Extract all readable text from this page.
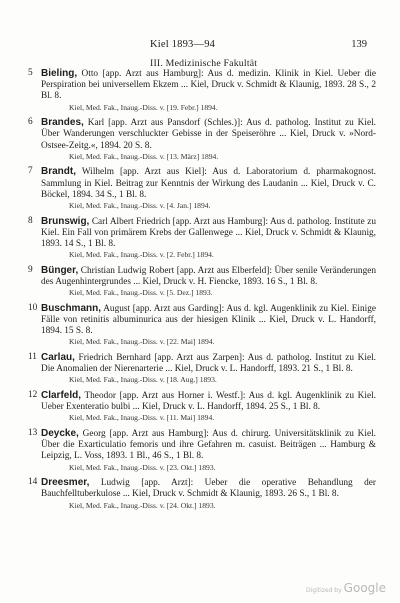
Kiel 1893—94	139
III. Medizinische Fakultät
5 Bieling, Otto [app. Arzt aus Hamburg]: Aus d. medizin. Klinik in Kiel. Ueber die Perspiration bei universellem Ekzem ... Kiel, Druck v. Schmidt & Klaunig, 1893. 28 S., 2 Bl. 8.
Kiel, Med. Fak., Inaug.-Diss. v. [19. Febr.] 1894.
6 Brandes, Karl [app. Arzt aus Pansdorf (Schles.)]: Aus d. patholog. Institut zu Kiel. Über Wanderungen verschluckter Gebisse in der Speiseröhre ... Kiel, Druck v. »Nord-Ostsee-Zeitg.«, 1894. 20 S. 8.
Kiel, Med. Fak., Inaug.-Diss. v. [13. März] 1894.
7 Brandt, Wilhelm [app. Arzt aus Kiel]: Aus d. Laboratorium d. pharmakognost. Sammlung in Kiel. Beitrag zur Kenntnis der Wirkung des Laudanin ... Kiel, Druck v. C. Böckel, 1894. 34 S., 1 Bl. 8.
Kiel, Med. Fak., Inaug.-Diss. v. [4. Jan.] 1894.
8 Brunswig, Carl Albert Friedrich [app. Arzt aus Hamburg]: Aus d. patholog. Institute zu Kiel. Ein Fall von primärem Krebs der Gallenwege ... Kiel, Druck v. Schmidt & Klaunig, 1893. 14 S., 1 Bl. 8.
Kiel, Med. Fak., Inaug.-Diss. v. [2. Febr.] 1894.
9 Bünger, Christian Ludwig Robert [app. Arzt aus Elberfeld]: Über senile Veränderungen des Augenhintergrundes ... Kiel, Druck v. H. Fiencke, 1893. 16 S., 1 Bl. 8.
Kiel, Med. Fak., Inaug.-Diss. v. [5. Dez.] 1893.
10 Buschmann, August [app. Arzt aus Garding]: Aus d. kgl. Augenklinik zu Kiel. Einige Fälle von retinitis albuminurica aus der hiesigen Klinik ... Kiel, Druck v. L. Handorff, 1894. 15 S. 8.
Kiel, Med. Fak., Inaug.-Diss. v. [22. Mai] 1894.
11 Carlau, Friedrich Bernhard [app. Arzt aus Zarpen]: Aus d. patholog. Institut zu Kiel. Die Anomalien der Nierenarterie ... Kiel, Druck v. L. Handorff, 1893. 21 S., 1 Bl. 8.
Kiel, Med. Fak., Inaug.-Diss. v. [18. Aug.] 1893.
12 Clarfeld, Theodor [app. Arzt aus Horner i. Westf.]: Aus d. kgl. Augenklinik zu Kiel. Ueber Exenteratio bulbi ... Kiel, Druck v. L. Handorff, 1894. 25 S., 1 Bl. 8.
Kiel, Med. Fak., Inaug.-Diss. v. [11. Mai] 1894.
13 Deycke, Georg [app. Arzt aus Hamburg]: Aus d. chirurg. Universitätsklinik zu Kiel. Über die Exarticulatio femoris und ihre Gefahren m. casuist. Beiträgen ... Hamburg & Leipzig, L. Voss, 1893. 1 Bl., 46 S., 1 Bl. 8.
Kiel, Med. Fak., Inaug.-Diss. v. [23. Okt.] 1893.
14 Dreesmer, Ludwig [app. Arzt]: Ueber die operative Behandlung der Bauchfelltuberkulose ... Kiel, Druck v. Schmidt & Klaunig, 1893. 26 S., 1 Bl. 8.
Kiel, Med. Fak., Inaug.-Diss. v. [24. Okt.] 1893.
Digitized by Google
